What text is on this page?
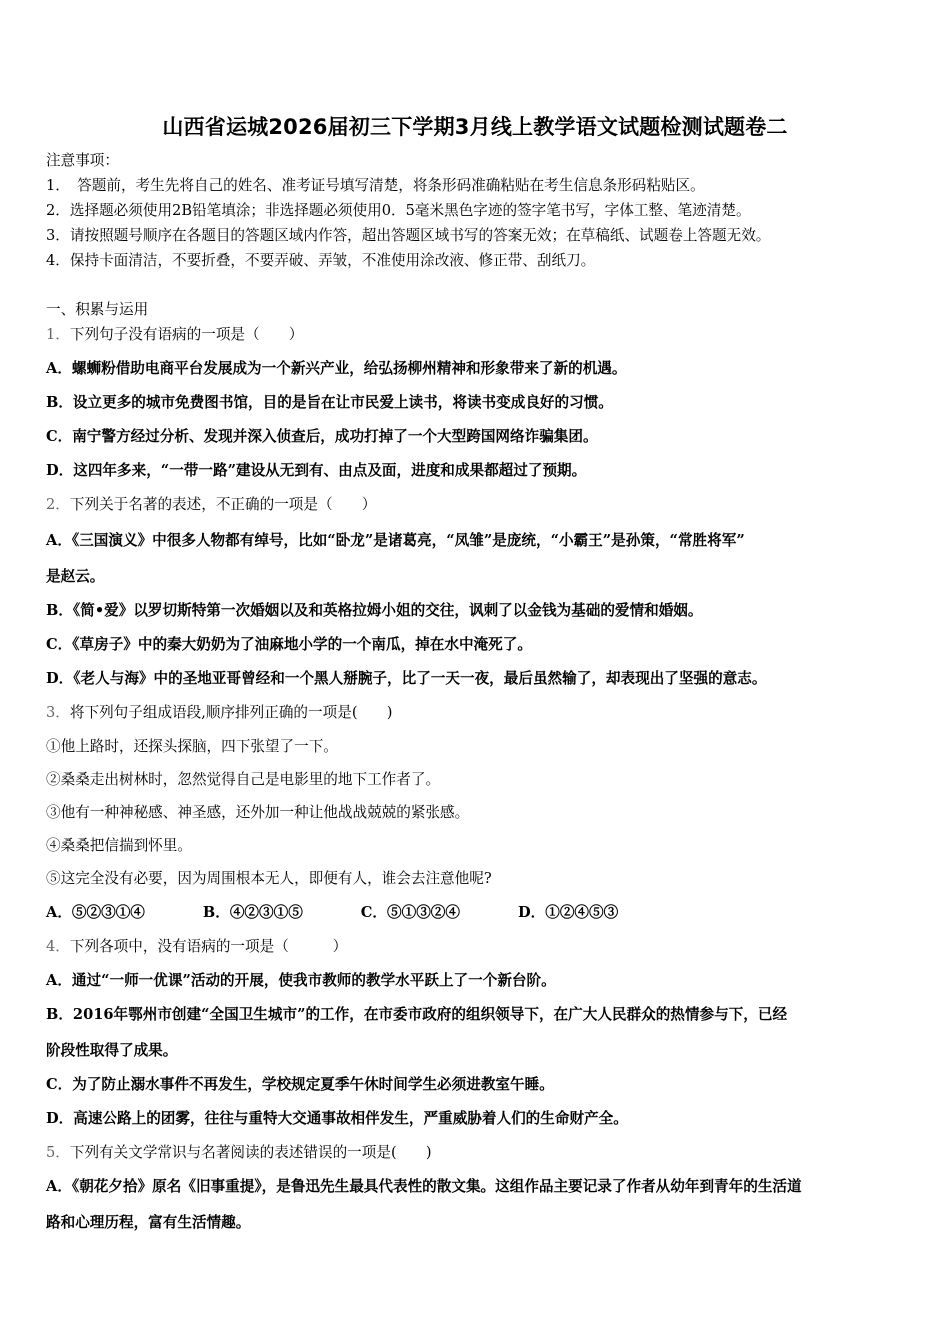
山西省运城2026届初三下学期3月线上教学语文试题检测试题卷二
注意事项：
1．　答题前，考生先将自己的姓名、准考证号填写清楚，将条形码准确粘贴在考生信息条形码粘贴区。
2．选择题必须使用2B铅笔填涂；非选择题必须使用0．5毫米黑色字迹的签字笔书写，字体工整、笔迹清楚。
3．请按照题号顺序在各题目的答题区域内作答，超出答题区域书写的答案无效；在草稿纸、试题卷上答题无效。
4．保持卡面清洁，不要折叠，不要弄破、弄皱，不准使用涂改液、修正带、刮纸刀。
一、积累与运用
1．下列句子没有语病的一项是（　　）
A．螺蛳粉借助电商平台发展成为一个新兴产业，给弘扬柳州精神和形象带来了新的机遇。
B．设立更多的城市免费图书馆，目的是旨在让市民爱上读书，将读书变成良好的习惯。
C．南宁警方经过分析、发现并深入侦查后，成功打掉了一个大型跨国网络诈骗集团。
D．这四年多来，“一带一路”建设从无到有、由点及面，进度和成果都超过了预期。
2．下列关于名著的表述，不正确的一项是（　　）
A．《三国演义》中很多人物都有绰号，比如“卧龙”是诸葛亮，“凤雏”是庞统，“小霸王”是孙策，“常胜将军”
是赵云。
B．《简•爱》以罗切斯特第一次婚姻以及和英格拉姆小姐的交往，讽刺了以金钱为基础的爱情和婚姻。
C．《草房子》中的秦大奶奶为了油麻地小学的一个南瓜，掉在水中淹死了。
D．《老人与海》中的圣地亚哥曾经和一个黑人掰腕子，比了一天一夜，最后虽然输了，却表现出了坚强的意志。
3．将下列句子组成语段,顺序排列正确的一项是(　　)
①他上路时，还探头探脑，四下张望了一下。
②桑桑走出树林时，忽然觉得自己是电影里的地下工作者了。
③他有一种神秘感、神圣感，还外加一种让他战战兢兢的紧张感。
④桑桑把信揣到怀里。
⑤这完全没有必要，因为周围根本无人，即便有人，谁会去注意他呢?
A．⑤②③①④	B．④②③①⑤	C．⑤①③②④	D．①②④⑤③
4．下列各项中，没有语病的一项是（　　　）
A．通过“一师一优课”活动的开展，使我市教师的教学水平跃上了一个新台阶。
B．2016年鄂州市创建“全国卫生城市”的工作，在市委市政府的组织领导下，在广大人民群众的热情参与下，已经
阶段性取得了成果。
C．为了防止溺水事件不再发生，学校规定夏季午休时间学生必须进教室午睡。
D．高速公路上的团雾，往往与重特大交通事故相伴发生，严重威胁着人们的生命财产全。
5．下列有关文学常识与名著阅读的表述错误的一项是(　　)
A．《朝花夕拾》原名《旧事重提》，是鲁迅先生最具代表性的散文集。这组作品主要记录了作者从幼年到青年的生活道
路和心理历程，富有生活情趣。
